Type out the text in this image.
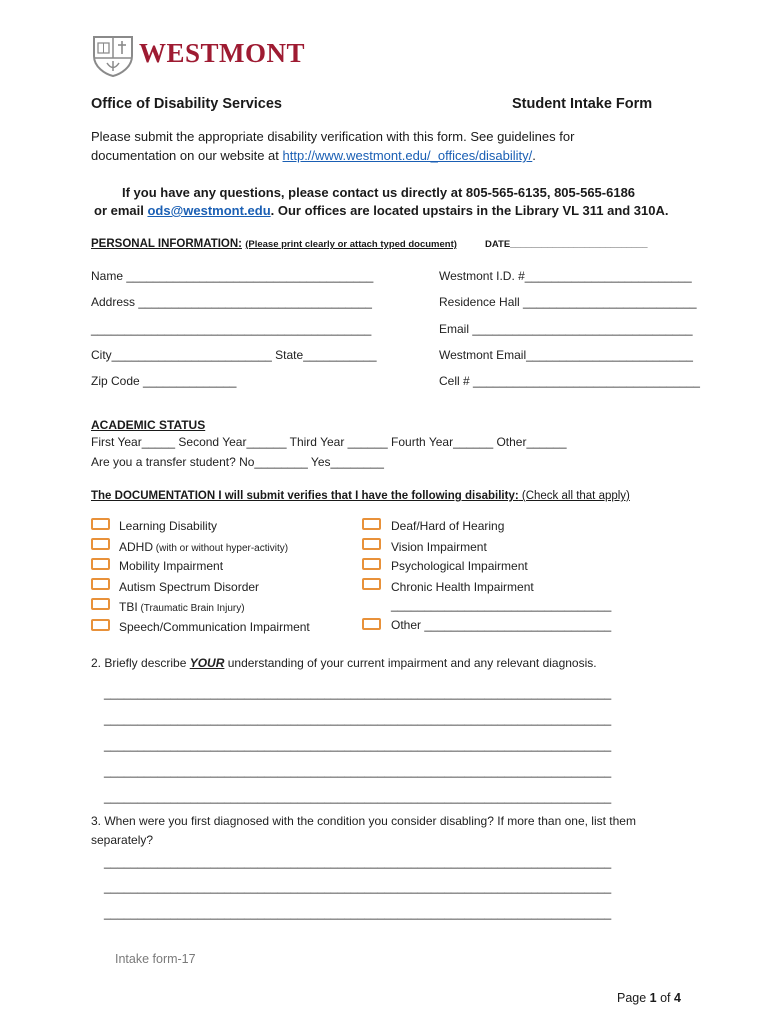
WESTMONT
Office of Disability Services	Student Intake Form
Please submit the appropriate disability verification with this form. See guidelines for
documentation on our website at http://www.westmont.edu/_offices/disability/.
If you have any questions, please contact us directly at 805-565-6135, 805-565-6186
or email ods@westmont.edu. Our offices are located upstairs in the Library VL 311 and 310A.
PERSONAL INFORMATION: (Please print clearly or attach typed document)	DATE__________________________
Name _____________________________________
Address ___________________________________
__________________________________________
City________________________ State___________
Zip Code ______________
Westmont I.D. #_________________________
Residence Hall __________________________
Email _________________________________
Westmont Email_________________________
Cell # __________________________________
ACADEMIC STATUS
First Year_____ Second Year______ Third Year ______ Fourth Year______ Other______
Are you a transfer student? No________ Yes________
The DOCUMENTATION I will submit verifies that I have the following disability: (Check all that apply)
Learning Disability
ADHD (with or without hyper-activity)
Mobility Impairment
Autism Spectrum Disorder
TBI (Traumatic Brain Injury)
Speech/Communication Impairment
Deaf/Hard of Hearing
Vision Impairment
Psychological Impairment
Chronic Health Impairment
_________________________________
Other ____________________________
2. Briefly describe YOUR understanding of your current impairment and any relevant diagnosis.
____________________________________________________________________________
____________________________________________________________________________
____________________________________________________________________________
____________________________________________________________________________
____________________________________________________________________________
3. When were you first diagnosed with the condition you consider disabling? If more than one, list them
separately?
____________________________________________________________________________
____________________________________________________________________________
____________________________________________________________________________
Intake form-17
Page 1 of 4
